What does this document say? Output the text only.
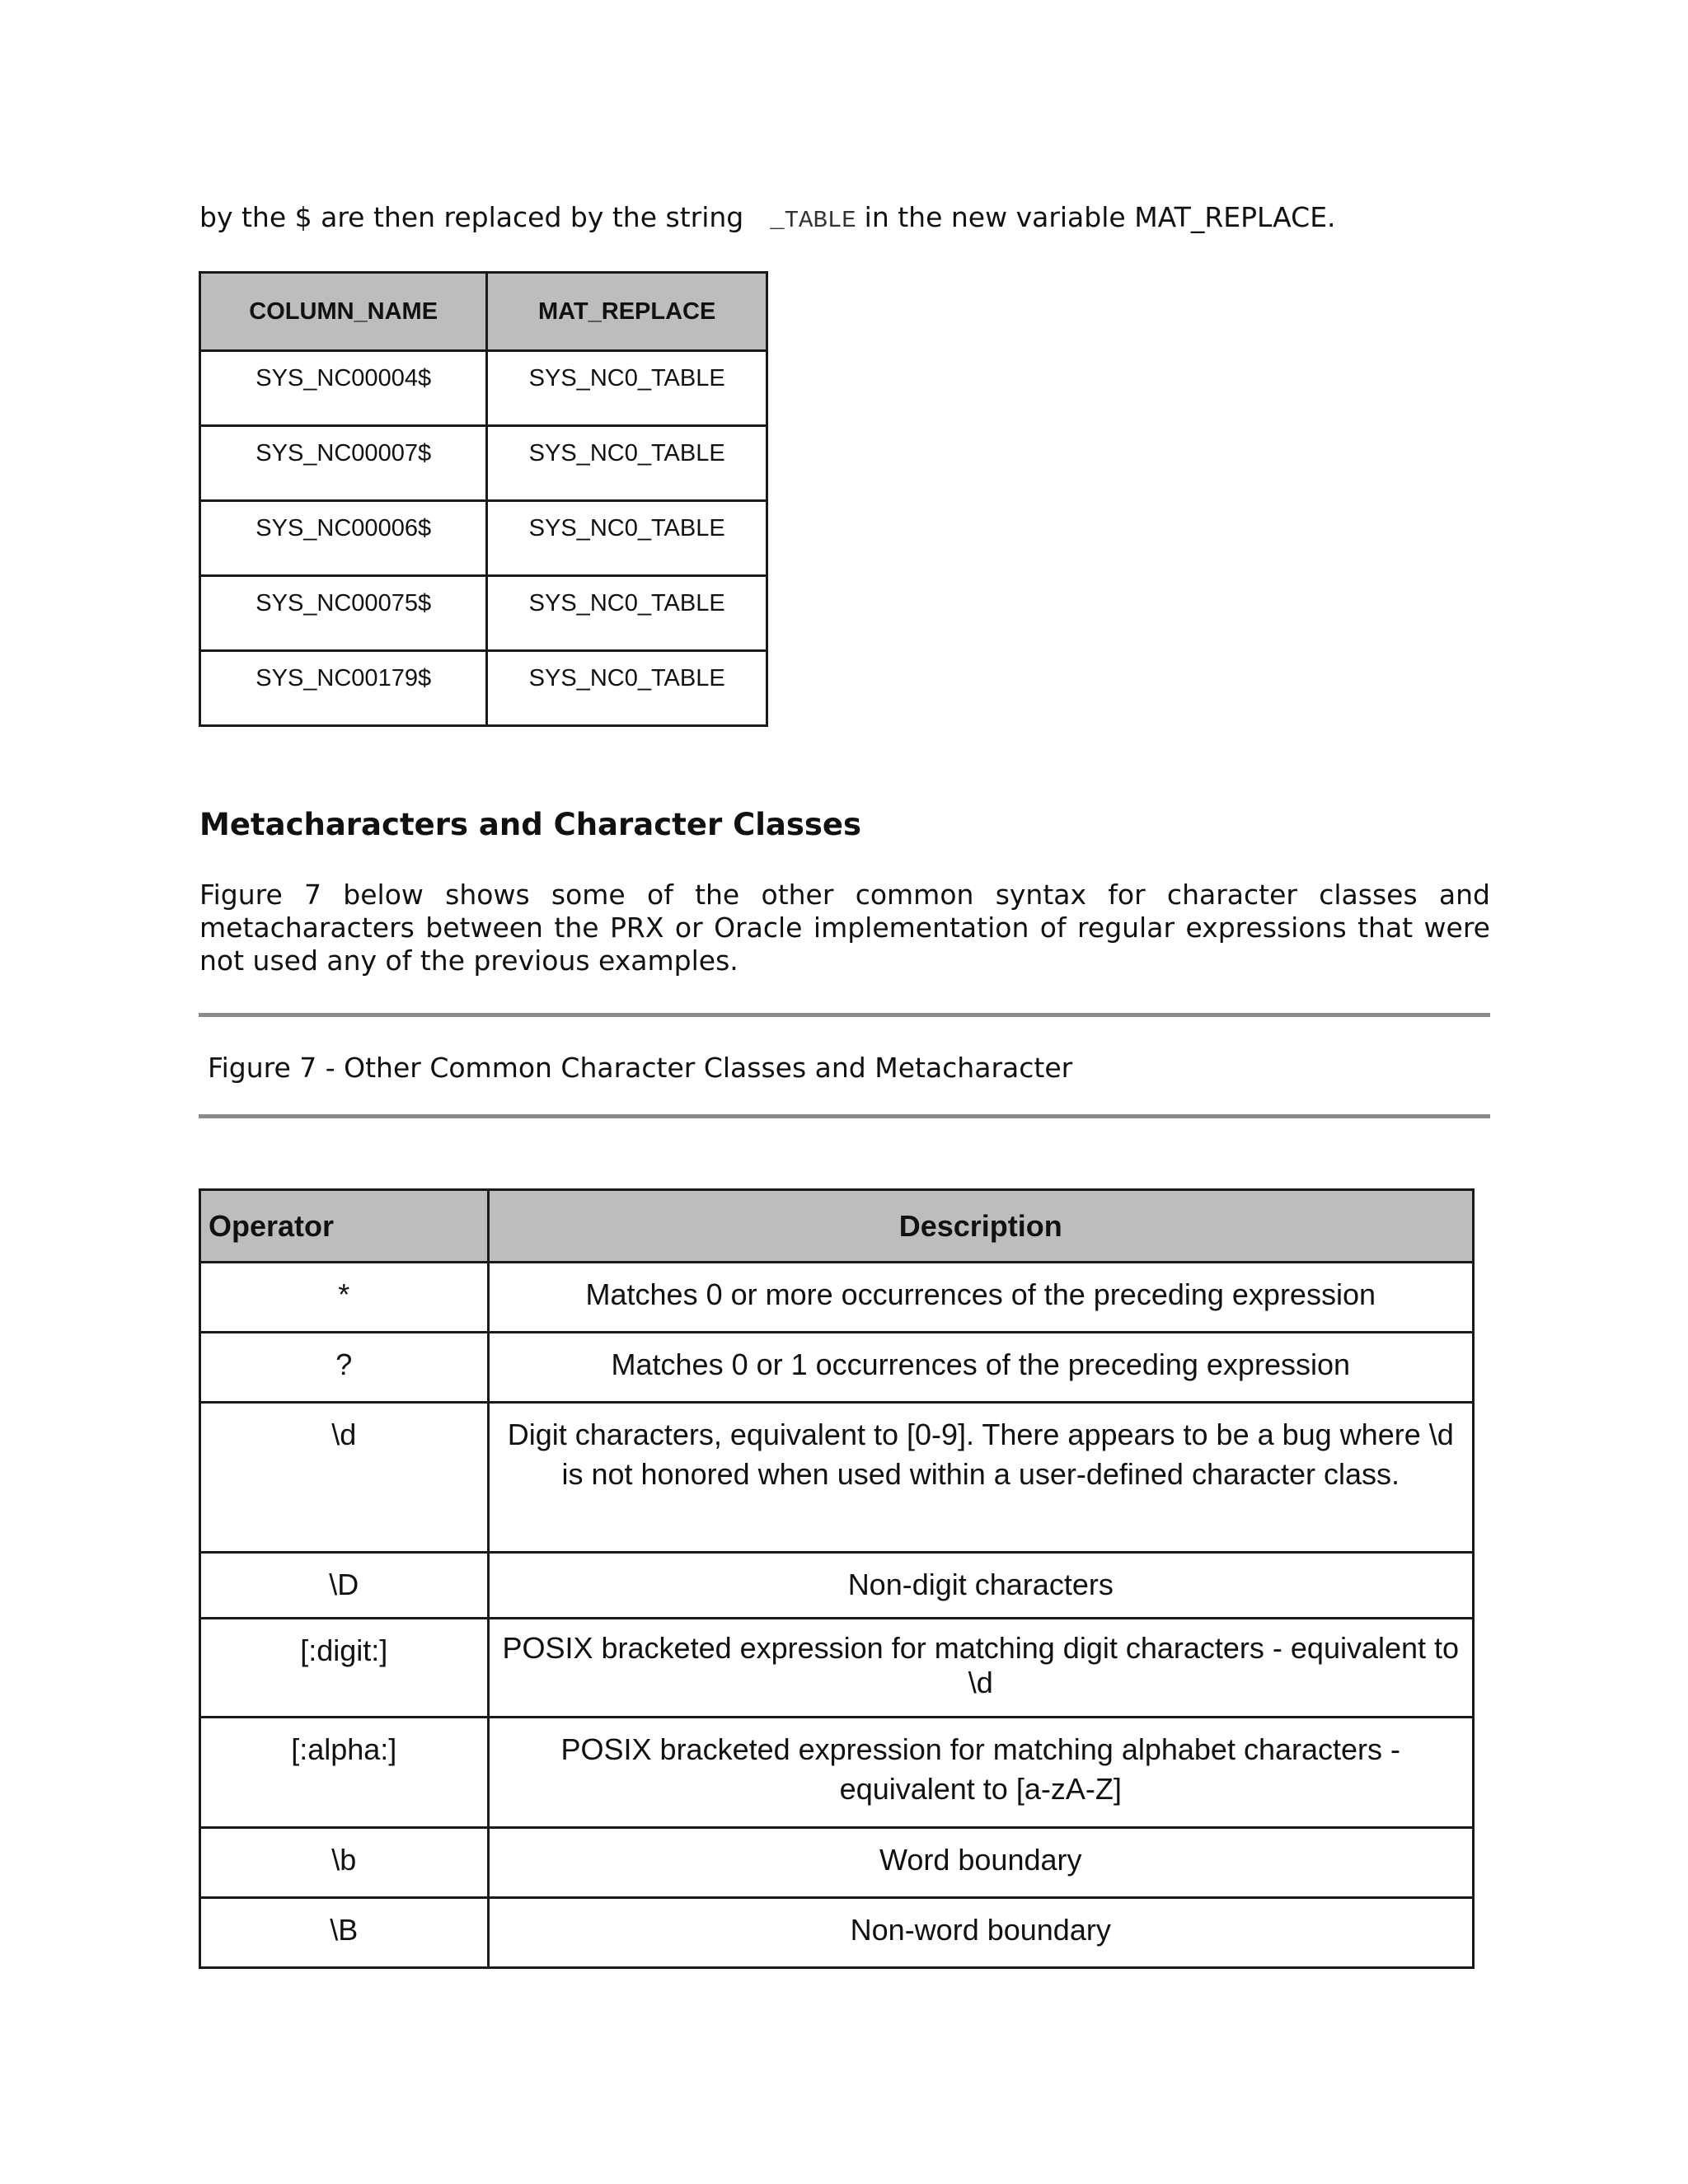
by the $ are then replaced by the string _TABLE in the new variable MAT_REPLACE.
COLUMN_NAME	MAT_REPLACE
SYS_NC00004$	SYS_NC0_TABLE
SYS_NC00007$	SYS_NC0_TABLE
SYS_NC00006$	SYS_NC0_TABLE
SYS_NC00075$	SYS_NC0_TABLE
SYS_NC00179$	SYS_NC0_TABLE
Metacharacters and Character Classes
Figure 7 below shows some of the other common syntax for character classes and metacharacters between the PRX or Oracle implementation of regular expressions that were not used any of the previous examples.
Figure 7 - Other Common Character Classes and Metacharacter
Operator	Description
*	Matches 0 or more occurrences of the preceding expression
?	Matches 0 or 1 occurrences of the preceding expression
\d	Digit characters, equivalent to [0-9]. There appears to be a bug where \d is not honored when used within a user-defined character class.
\D	Non-digit characters
[:digit:]	POSIX bracketed expression for matching digit characters - equivalent to \d
[:alpha:]	POSIX bracketed expression for matching alphabet characters - equivalent to [a-zA-Z]
\b	Word boundary
\B	Non-word boundary
